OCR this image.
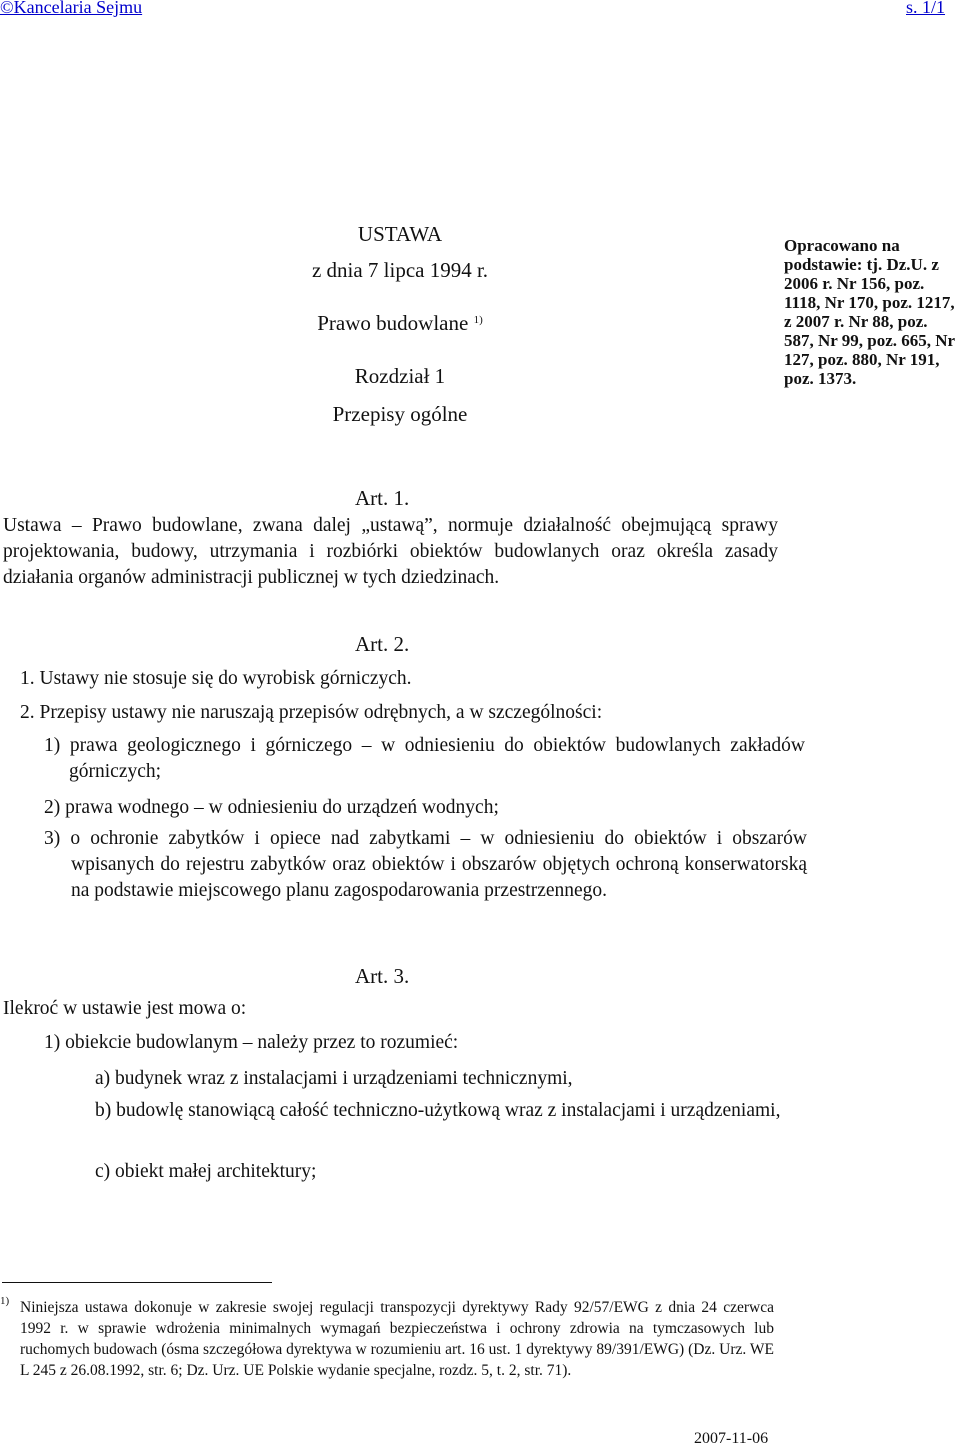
©Kancelaria Sejmu	s. 1/1
USTAWA
z dnia 7 lipca 1994 r.
Prawo budowlane $^{1)}$
Rozdział 1
Przepisy ogólne
Opracowano na podstawie: tj. Dz.U. z 2006 r. Nr 156, poz. 1118, Nr 170, poz. 1217, z 2007 r. Nr 88, poz. 587, Nr 99, poz. 665, Nr 127, poz. 880, Nr 191, poz. 1373.
Art. 1.
Ustawa – Prawo budowlane, zwana dalej „ustawą”, normuje działalność obejmującą sprawy projektowania, budowy, utrzymania i rozbiórki obiektów budowlanych oraz określa zasady działania organów administracji publicznej w tych dziedzinach.
Art. 2.
1. Ustawy nie stosuje się do wyrobisk górniczych.
2. Przepisy ustawy nie naruszają przepisów odrębnych, a w szczególności:
1) prawa geologicznego i górniczego – w odniesieniu do obiektów budowlanych zakładów górniczych;
2) prawa wodnego – w odniesieniu do urządzeń wodnych;
3) o ochronie zabytków i opiece nad zabytkami – w odniesieniu do obiektów i obszarów wpisanych do rejestru zabytków oraz obiektów i obszarów objętych ochroną konserwatorską na podstawie miejscowego planu zagospodarowania przestrzennego.
Art. 3.
Ilekroć w ustawie jest mowa o:
1) obiekcie budowlanym – należy przez to rozumieć:
a) budynek wraz z instalacjami i urządzeniami technicznymi,
b) budowlę stanowiącą całość techniczno-użytkową wraz z instalacjami i urządzeniami,
c) obiekt małej architektury;
1) Niniejsza ustawa dokonuje w zakresie swojej regulacji transpozycji dyrektywy Rady 92/57/EWG z dnia 24 czerwca 1992 r. w sprawie wdrożenia minimalnych wymagań bezpieczeństwa i ochrony zdrowia na tymczasowych lub ruchomych budowach (ósma szczegółowa dyrektywa w rozumieniu art. 16 ust. 1 dyrektywy 89/391/EWG) (Dz. Urz. WE L 245 z 26.08.1992, str. 6; Dz. Urz. UE Polskie wydanie specjalne, rozdz. 5, t. 2, str. 71).
2007-11-06
